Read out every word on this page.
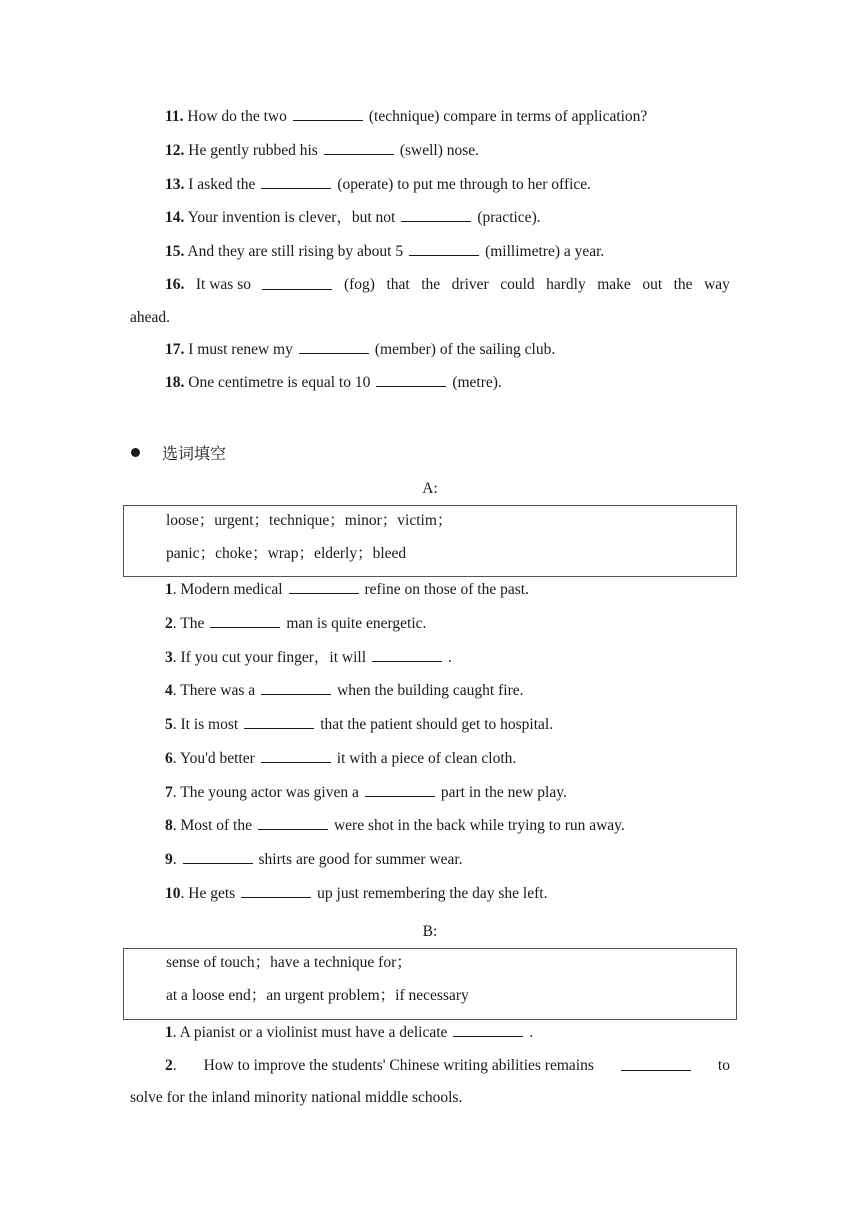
11. How do the two	(technique) compare in terms of application?
12. He gently rubbed his	(swell) nose.
13. I asked the	(operate) to put me through to her office.
14. Your invention is clever，but not	(practice).
15. And they are still rising by about 5	(millimetre) a year.
16. It was so	(fog) that the driver could hardly make out the way
ahead.
17. I must renew my	(member) of the sailing club.
18. One centimetre is equal to 10	(metre).
选词填空
A:
loose；urgent；technique；minor；victim；
panic；choke；wrap；elderly；bleed
1. Modern medical	refine on those of the past.
2. The	man is quite energetic.
3. If you cut your finger，it will	.
4. There was a	when the building caught fire.
5. It is most	that the patient should get to hospital.
6. You'd better	it with a piece of clean cloth.
7. The young actor was given a	part in the new play.
8. Most of the	were shot in the back while trying to run away.
9.	shirts are good for summer wear.
10. He gets	up just remembering the day she left.
B:
sense of touch；have a technique for；
at a loose end；an urgent problem；if necessary
1. A pianist or a violinist must have a delicate	.
2. How to improve the students' Chinese writing abilities remains	to
solve for the inland minority national middle schools.
